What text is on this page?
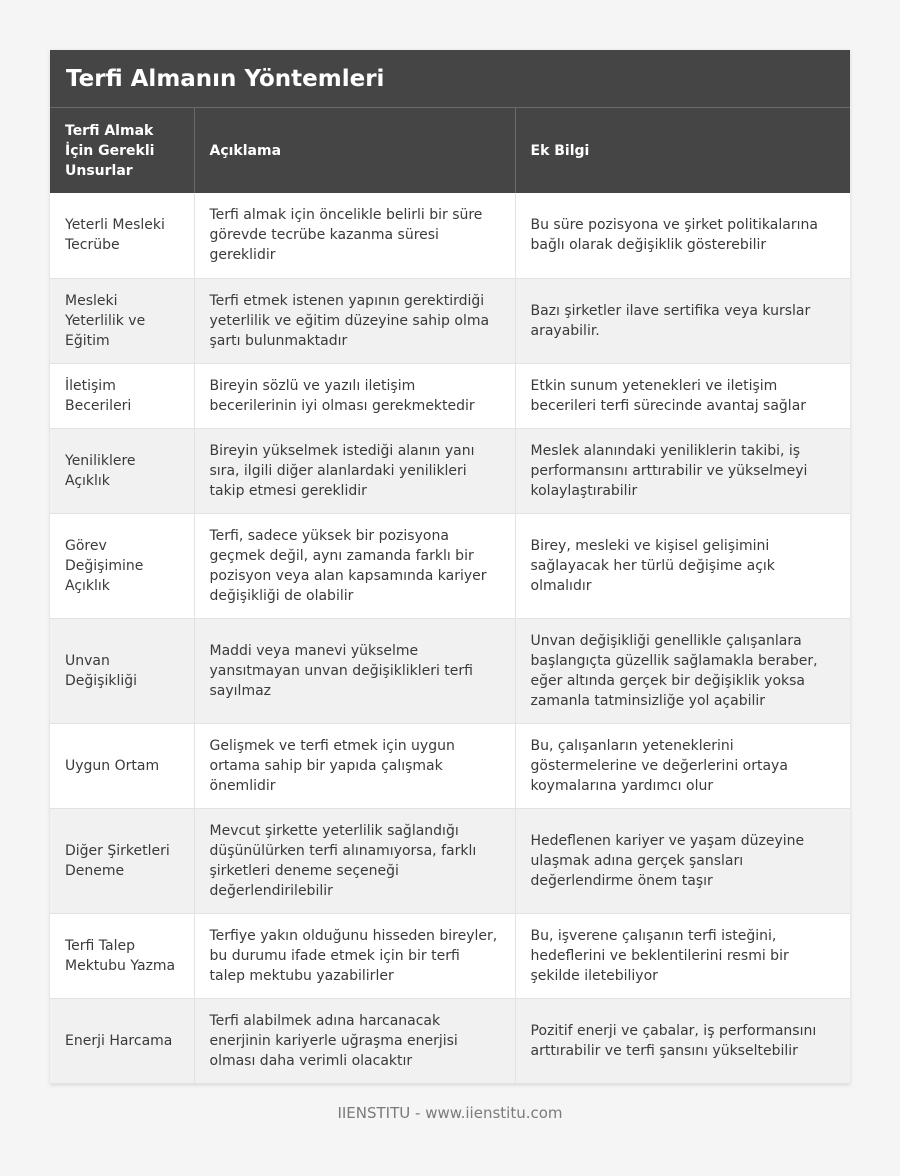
Terfi Almanın Yöntemleri
Terfi Almak İçin Gerekli Unsurlar	Açıklama	Ek Bilgi
Yeterli Mesleki Tecrübe	Terfi almak için öncelikle belirli bir süre görevde tecrübe kazanma süresi gereklidir	Bu süre pozisyona ve şirket politikalarına bağlı olarak değişiklik gösterebilir
Mesleki Yeterlilik ve Eğitim	Terfi etmek istenen yapının gerektirdiği yeterlilik ve eğitim düzeyine sahip olma şartı bulunmaktadır	Bazı şirketler ilave sertifika veya kurslar arayabilir.
İletişim Becerileri	Bireyin sözlü ve yazılı iletişim becerilerinin iyi olması gerekmektedir	Etkin sunum yetenekleri ve iletişim becerileri terfi sürecinde avantaj sağlar
Yeniliklere Açıklık	Bireyin yükselmek istediği alanın yanı sıra, ilgili diğer alanlardaki yenilikleri takip etmesi gereklidir	Meslek alanındaki yeniliklerin takibi, iş performansını arttırabilir ve yükselmeyi kolaylaştırabilir
Görev Değişimine Açıklık	Terfi, sadece yüksek bir pozisyona geçmek değil, aynı zamanda farklı bir pozisyon veya alan kapsamında kariyer değişikliği de olabilir	Birey, mesleki ve kişisel gelişimini sağlayacak her türlü değişime açık olmalıdır
Unvan Değişikliği	Maddi veya manevi yükselme yansıtmayan unvan değişiklikleri terfi sayılmaz	Unvan değişikliği genellikle çalışanlara başlangıçta güzellik sağlamakla beraber, eğer altında gerçek bir değişiklik yoksa zamanla tatminsizliğe yol açabilir
Uygun Ortam	Gelişmek ve terfi etmek için uygun ortama sahip bir yapıda çalışmak önemlidir	Bu, çalışanların yeteneklerini göstermelerine ve değerlerini ortaya koymalarına yardımcı olur
Diğer Şirketleri Deneme	Mevcut şirkette yeterlilik sağlandığı düşünülürken terfi alınamıyorsa, farklı şirketleri deneme seçeneği değerlendirilebilir	Hedeflenen kariyer ve yaşam düzeyine ulaşmak adına gerçek şansları değerlendirme önem taşır
Terfi Talep Mektubu Yazma	Terfiye yakın olduğunu hisseden bireyler, bu durumu ifade etmek için bir terfi talep mektubu yazabilirler	Bu, işverene çalışanın terfi isteğini, hedeflerini ve beklentilerini resmi bir şekilde iletebiliyor
Enerji Harcama	Terfi alabilmek adına harcanacak enerjinin kariyerle uğraşma enerjisi olması daha verimli olacaktır	Pozitif enerji ve çabalar, iş performansını arttırabilir ve terfi şansını yükseltebilir
IIENSTITU - www.iienstitu.com
